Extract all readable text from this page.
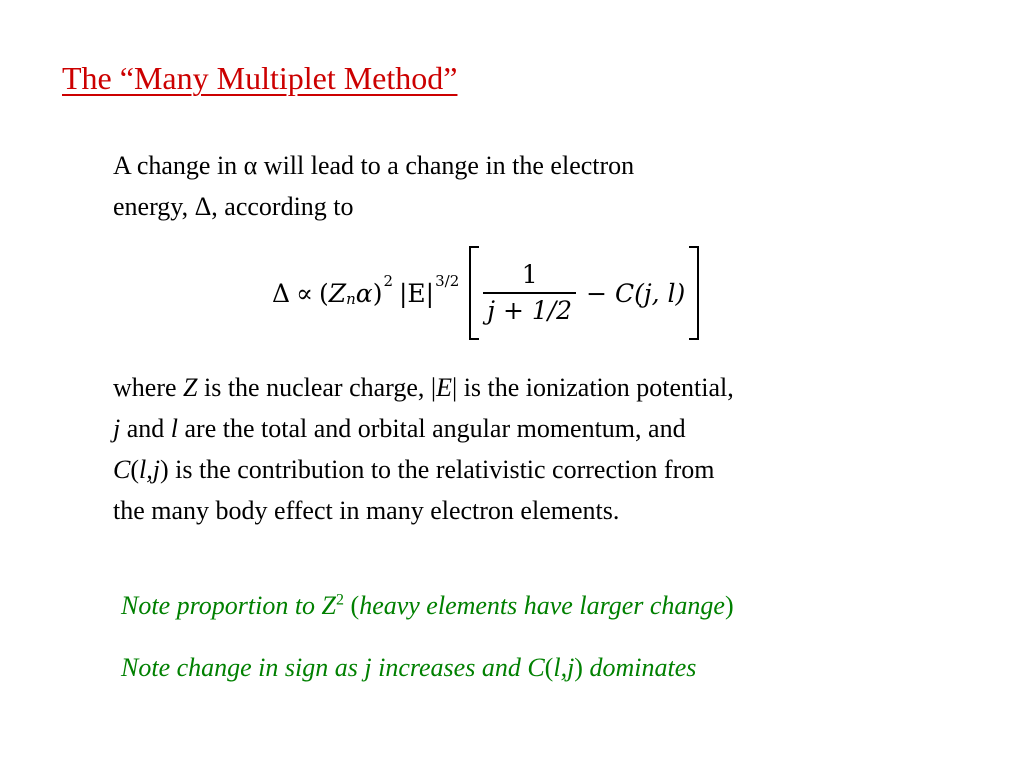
The “Many Multiplet Method”
A change in α will lead to a change in the electron
energy, Δ, according to
Δ ∝ ( Z n α ) 2 |E| $3/2 \frac{1}{j + 1/2} - C(j$, l)
where Z is the nuclear charge, |E| is the ionization potential,
j and l are the total and orbital angular momentum, and
C(l,j) is the contribution to the relativistic correction from
the many body effect in many electron elements.
Note proportion to $Z^2$ (heavy elements have larger change)
Note change in sign as j increases and C(l,j) dominates
